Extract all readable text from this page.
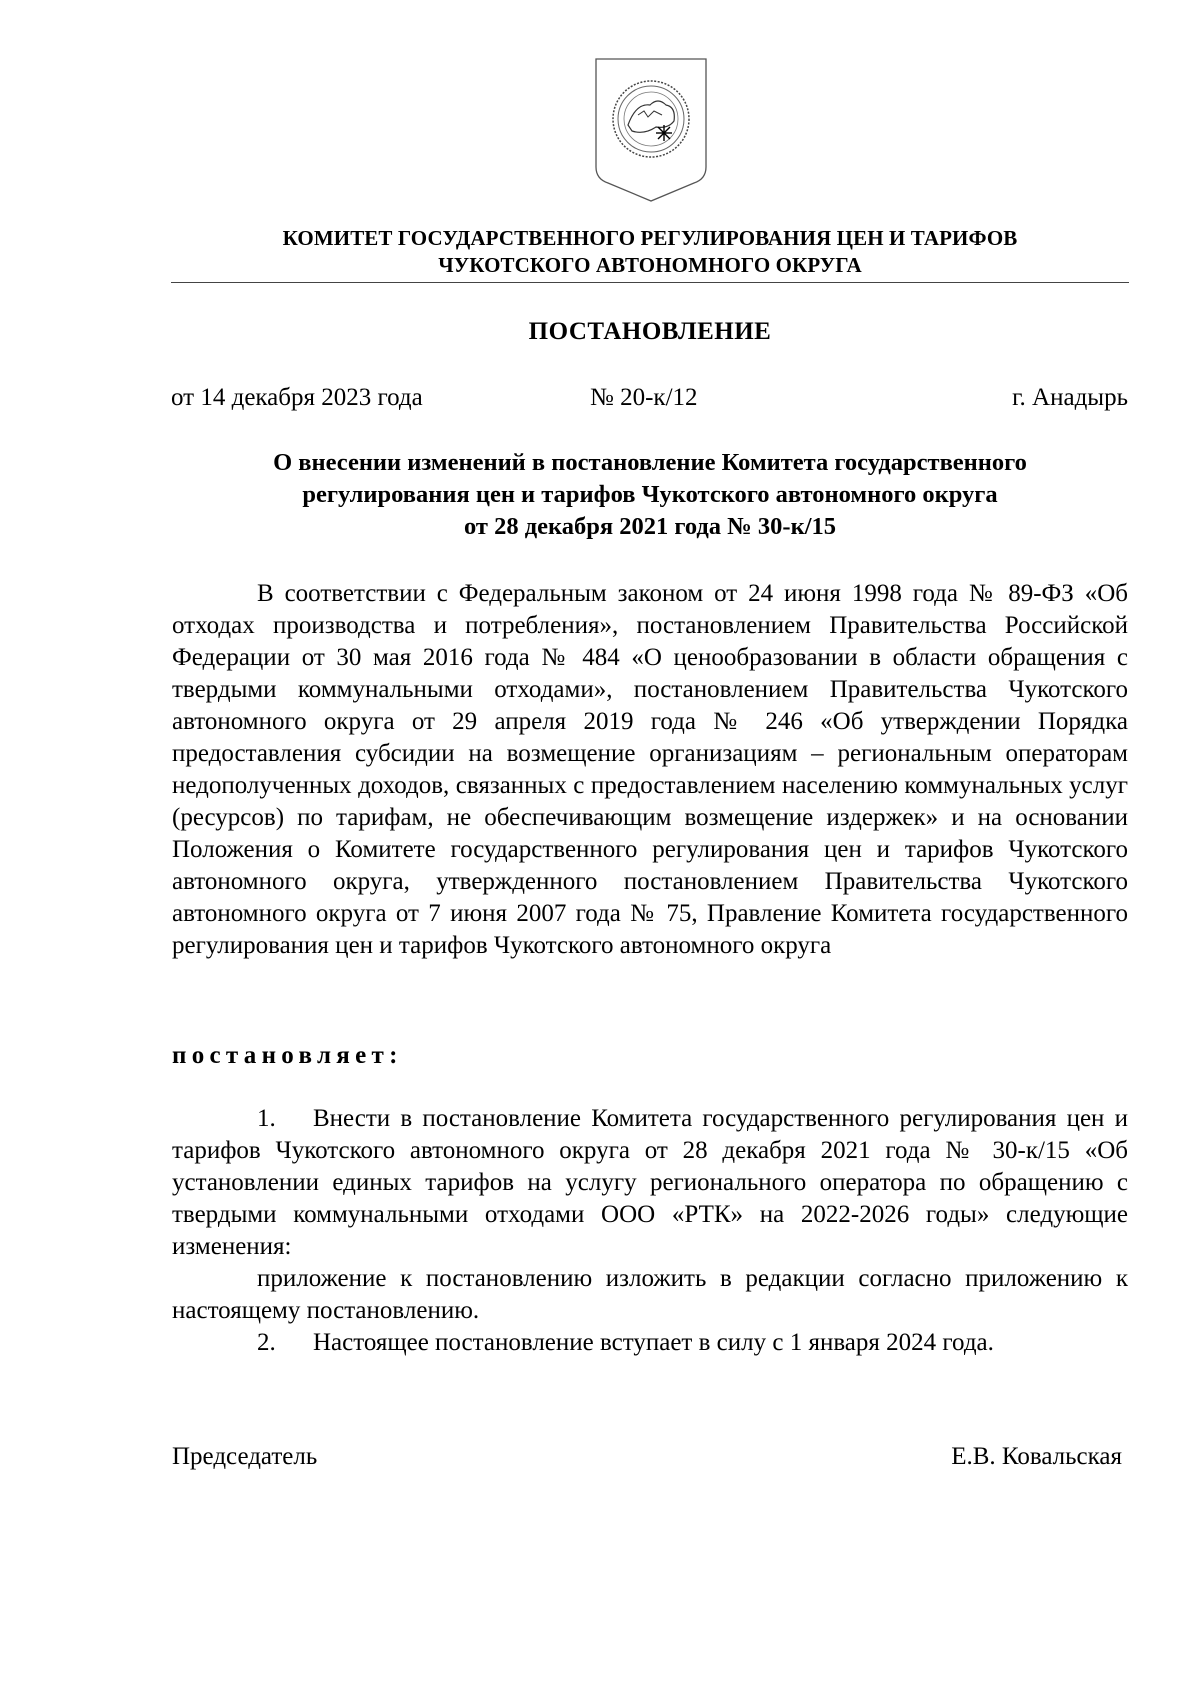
КОМИТЕТ ГОСУДАРСТВЕННОГО РЕГУЛИРОВАНИЯ ЦЕН И ТАРИФОВ
ЧУКОТСКОГО АВТОНОМНОГО ОКРУГА
ПОСТАНОВЛЕНИЕ
от 14 декабря 2023 года	№ 20-к/12	г. Анадырь
О внесении изменений в постановление Комитета государственного
регулирования цен и тарифов Чукотского автономного округа
от 28 декабря 2021 года № 30-к/15

В соответствии с Федеральным законом от 24 июня 1998 года № 89-ФЗ «Об отходах производства и потребления», постановлением Правительства Российской Федерации от 30 мая 2016 года № 484 «О ценообразовании в области обращения с твердыми коммунальными отходами», постановлением Правительства Чукотского автономного округа от 29 апреля 2019 года № 246 «Об утверждении Порядка предоставления субсидии на возмещение организациям – региональным операторам недополученных доходов, связанных с предоставлением населению коммунальных услуг (ресурсов) по тарифам, не обеспечивающим возмещение издержек» и на основании Положения о Комитете государственного регулирования цен и тарифов Чукотского автономного округа, утвержденного постановлением Правительства Чукотского автономного округа от 7 июня 2007 года № 75, Правление Комитета государственного регулирования цен и тарифов Чукотского автономного округа

постановляет:

1. Внести в постановление Комитета государственного регулирования цен и тарифов Чукотского автономного округа от 28 декабря 2021 года № 30-к/15 «Об установлении единых тарифов на услугу регионального оператора по обращению с твердыми коммунальными отходами ООО «РТК» на 2022-2026 годы» следующие изменения:

приложение к постановлению изложить в редакции согласно приложению к настоящему постановлению.

2. Настоящее постановление вступает в силу с 1 января 2024 года.

Председатель	Е.В. Ковальская
